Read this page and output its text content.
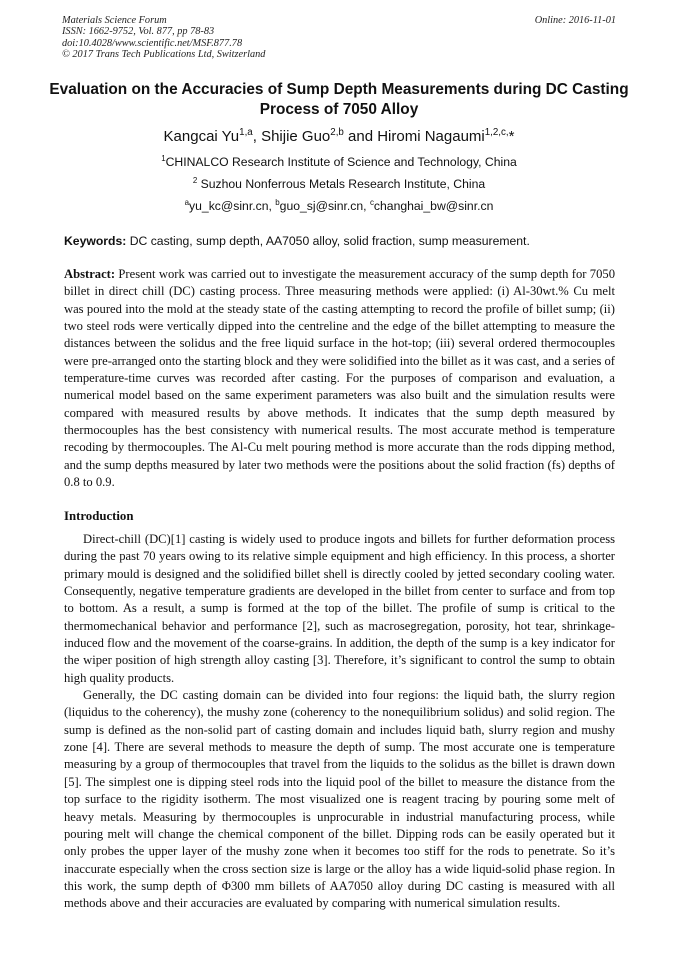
Materials Science Forum
ISSN: 1662-9752, Vol. 877, pp 78-83
doi:10.4028/www.scientific.net/MSF.877.78
© 2017 Trans Tech Publications Ltd, Switzerland
Online: 2016-11-01
Evaluation on the Accuracies of Sump Depth Measurements during DC Casting Process of 7050 Alloy
Kangcai Yu$^{1,a}$, Shijie Guo$^{2,b}$ and Hiromi Nagaumi$^{1,2,c,}$*
$^1$CHINALCO Research Institute of Science and Technology, China
$^2$ Suzhou Nonferrous Metals Research Institute, China
$^a$yu_kc@sinr.cn, $^b$guo_sj@sinr.cn, $^c$changhai_bw@sinr.cn
Keywords: DC casting, sump depth, AA7050 alloy, solid fraction, sump measurement.

Abstract: Present work was carried out to investigate the measurement accuracy of the sump depth for 7050 billet in direct chill (DC) casting process. Three measuring methods were applied: (i) Al-30wt.% Cu melt was poured into the mold at the steady state of the casting attempting to record the profile of billet sump; (ii) two steel rods were vertically dipped into the centreline and the edge of the billet attempting to measure the distances between the solidus and the free liquid surface in the hot-top; (iii) several ordered thermocouples were pre-arranged onto the starting block and they were solidified into the billet as it was cast, and a series of temperature-time curves was recorded after casting. For the purposes of comparison and evaluation, a numerical model based on the same experiment parameters was also built and the simulation results were compared with measured results by above methods. It indicates that the sump depth measured by thermocouples has the best consistency with numerical results. The most accurate method is temperature recoding by thermocouples. The Al-Cu melt pouring method is more accurate than the rods dipping method, and the sump depths measured by later two methods were the positions about the solid fraction (fs) depths of 0.8 to 0.9.

Introduction

Direct-chill (DC)[1] casting is widely used to produce ingots and billets for further deformation process during the past 70 years owing to its relative simple equipment and high efficiency. In this process, a shorter primary mould is designed and the solidified billet shell is directly cooled by jetted secondary cooling water. Consequently, negative temperature gradients are developed in the billet from center to surface and from top to bottom. As a result, a sump is formed at the top of the billet. The profile of sump is critical to the thermomechanical behavior and performance [2], such as macrosegregation, porosity, hot tear, shrinkage-induced flow and the movement of the coarse-grains. In addition, the depth of the sump is a key indicator for the wiper position of high strength alloy casting [3]. Therefore, it’s significant to control the sump to obtain high quality products.

Generally, the DC casting domain can be divided into four regions: the liquid bath, the slurry region (liquidus to the coherency), the mushy zone (coherency to the nonequilibrium solidus) and solid region. The sump is defined as the non-solid part of casting domain and includes liquid bath, slurry region and mushy zone [4]. There are several methods to measure the depth of sump. The most accurate one is temperature measuring by a group of thermocouples that travel from the liquids to the solidus as the billet is drawn down [5]. The simplest one is dipping steel rods into the liquid pool of the billet to measure the distance from the top surface to the rigidity isotherm. The most visualized one is reagent tracing by pouring some melt of heavy metals. Measuring by thermocouples is unprocurable in industrial manufacturing process, while pouring melt will change the chemical component of the billet. Dipping rods can be easily operated but it only probes the upper layer of the mushy zone when it becomes too stiff for the rods to penetrate. So it’s inaccurate especially when the cross section size is large or the alloy has a wide liquid-solid phase region. In this work, the sump depth of Φ300 mm billets of AA7050 alloy during DC casting is measured with all methods above and their accuracies are evaluated by comparing with numerical simulation results.
